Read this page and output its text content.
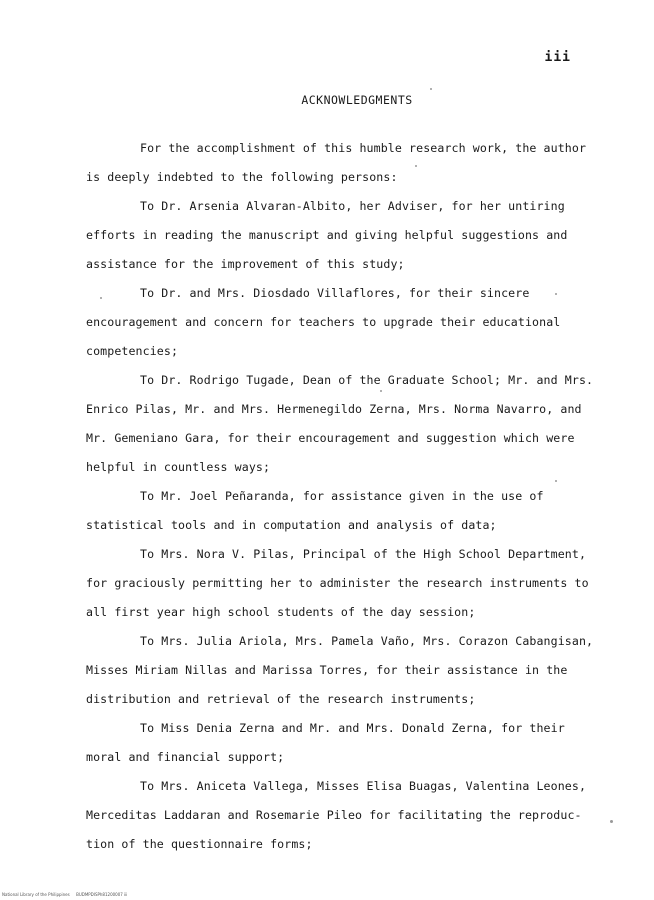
iii
ACKNOWLEDGMENTS
For the accomplishment of this humble research work, the author
is deeply indebted to the following persons:
To Dr. Arsenia Alvaran-Albito, her Adviser, for her untiring
efforts in reading the manuscript and giving helpful suggestions and
assistance for the improvement of this study;
To Dr. and Mrs. Diosdado Villaflores, for their sincere
encouragement and concern for teachers to upgrade their educational
competencies;
To Dr. Rodrigo Tugade, Dean of the Graduate School; Mr. and Mrs.
Enrico Pilas, Mr. and Mrs. Hermenegildo Zerna, Mrs. Norma Navarro, and
Mr. Gemeniano Gara, for their encouragement and suggestion which were
helpful in countless ways;
To Mr. Joel Peñaranda, for assistance given in the use of
statistical tools and in computation and analysis of data;
To Mrs. Nora V. Pilas, Principal of the High School Department,
for graciously permitting her to administer the research instruments to
all first year high school students of the day session;
To Mrs. Julia Ariola, Mrs. Pamela Vaño, Mrs. Corazon Cabangisan,
Misses Miriam Nillas and Marissa Torres, for their assistance in the
distribution and retrieval of the research instruments;
To Miss Denia Zerna and Mr. and Mrs. Donald Zerna, for their
moral and financial support;
To Mrs. Aniceta Vallega, Misses Elisa Buagas, Valentina Leones,
Merceditas Laddaran and Rosemarie Pileo for facilitating the reproduc-
tion of the questionnaire forms;
National Library of the Philippines     BUDMPDISPh81200007 iii
